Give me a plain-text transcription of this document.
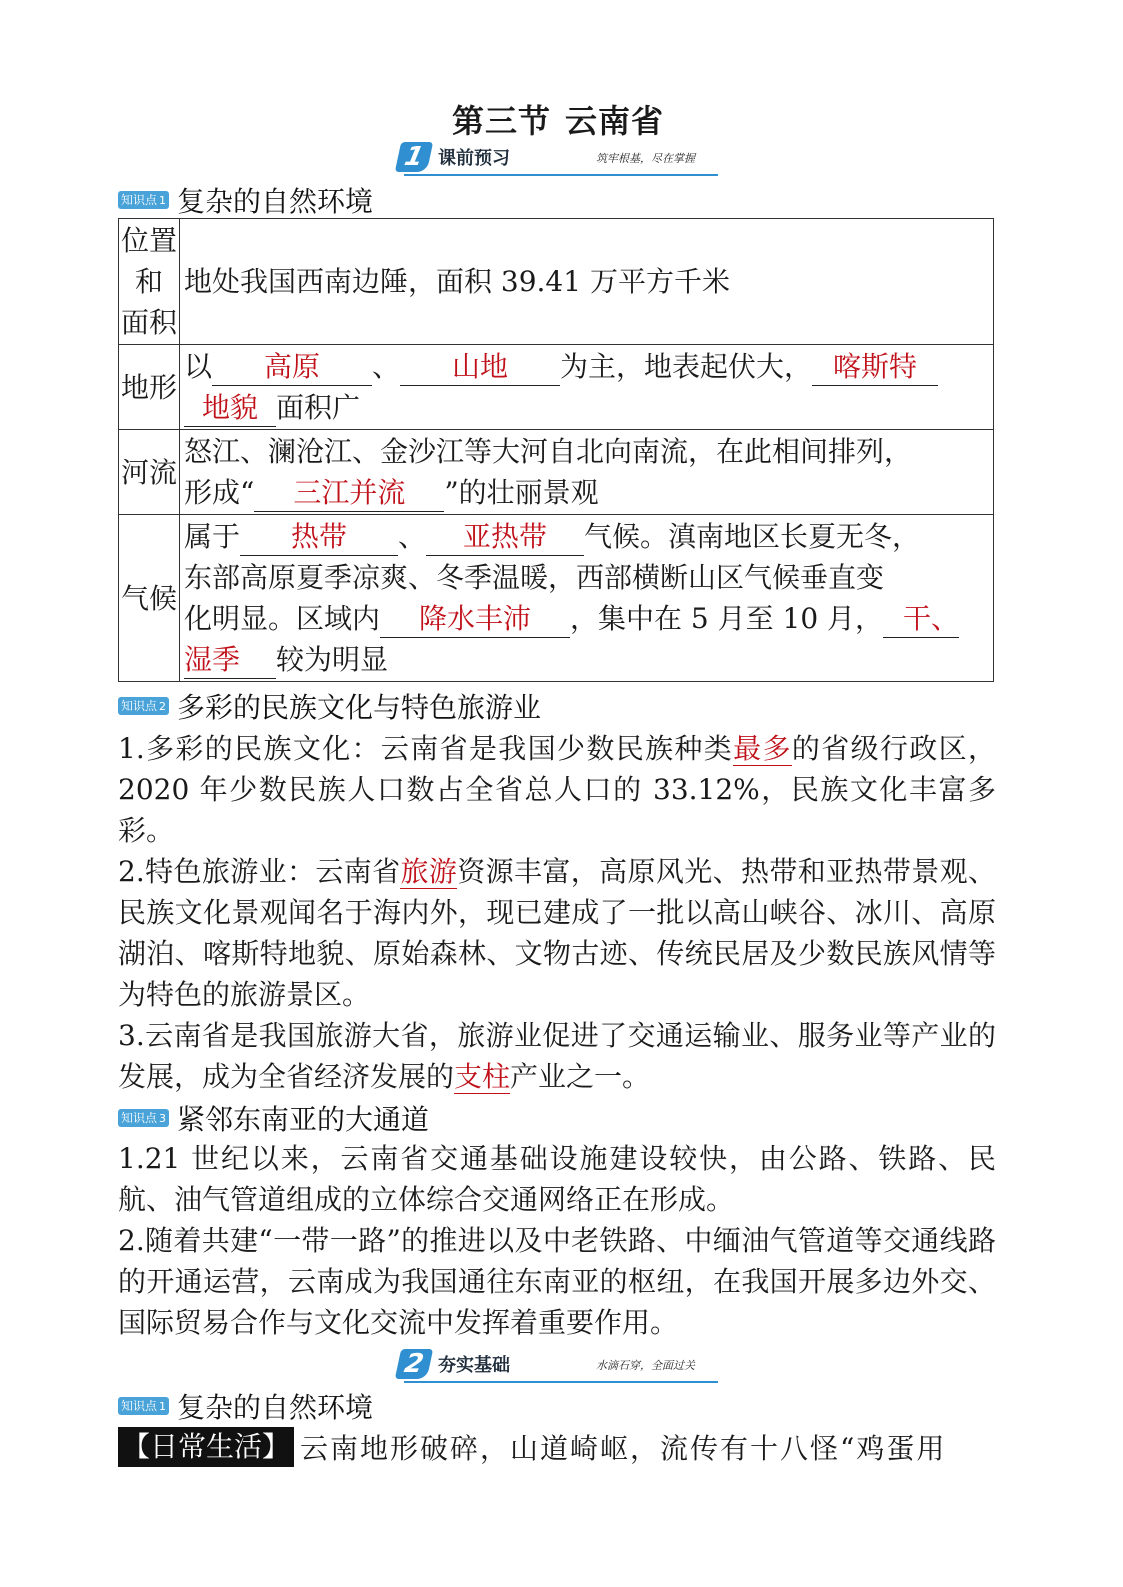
第三节 云南省
1 课前预习	筑牢根基，尽在掌握
知识点 1 复杂的自然环境
位置
和
面积	地处我国西南边陲，面积 39.41 万平方千米
地形	以 高原 、 山地 为主，地表起伏大， 喀斯特
地貌 面积广
河流	怒江、澜沧江、金沙江等大河自北向南流，在此相间排列，
形成“ 三江并流 ”的壮丽景观
气候	属于 热带 、 亚热带 气候。滇南地区长夏无冬，
东部高原夏季凉爽、冬季温暖，西部横断山区气候垂直变
化明显。区域内 降水丰沛 ，集中在 5 月至 10 月， 干、
湿季 较为明显
知识点 2 多彩的民族文化与特色旅游业
1.多彩的民族文化：云南省是我国少数民族种类最多的省级行政区，2020 年少数民族人口数占全省总人口的 33.12%，民族文化丰富多彩。
2.特色旅游业：云南省旅游资源丰富，高原风光、热带和亚热带景观、民族文化景观闻名于海内外，现已建成了一批以高山峡谷、冰川、高原湖泊、喀斯特地貌、原始森林、文物古迹、传统民居及少数民族风情等为特色的旅游景区。
3.云南省是我国旅游大省，旅游业促进了交通运输业、服务业等产业的发展，成为全省经济发展的支柱产业之一。
知识点 3 紧邻东南亚的大通道
1.21 世纪以来，云南省交通基础设施建设较快，由公路、铁路、民航、油气管道组成的立体综合交通网络正在形成。
2.随着共建“一带一路”的推进以及中老铁路、中缅油气管道等交通线路的开通运营，云南成为我国通往东南亚的枢纽，在我国开展多边外交、国际贸易合作与文化交流中发挥着重要作用。
2 夯实基础	水滴石穿，全面过关
知识点 1 复杂的自然环境
【日常生活】 云南地形破碎，山道崎岖，流传有十八怪“鸡蛋用
